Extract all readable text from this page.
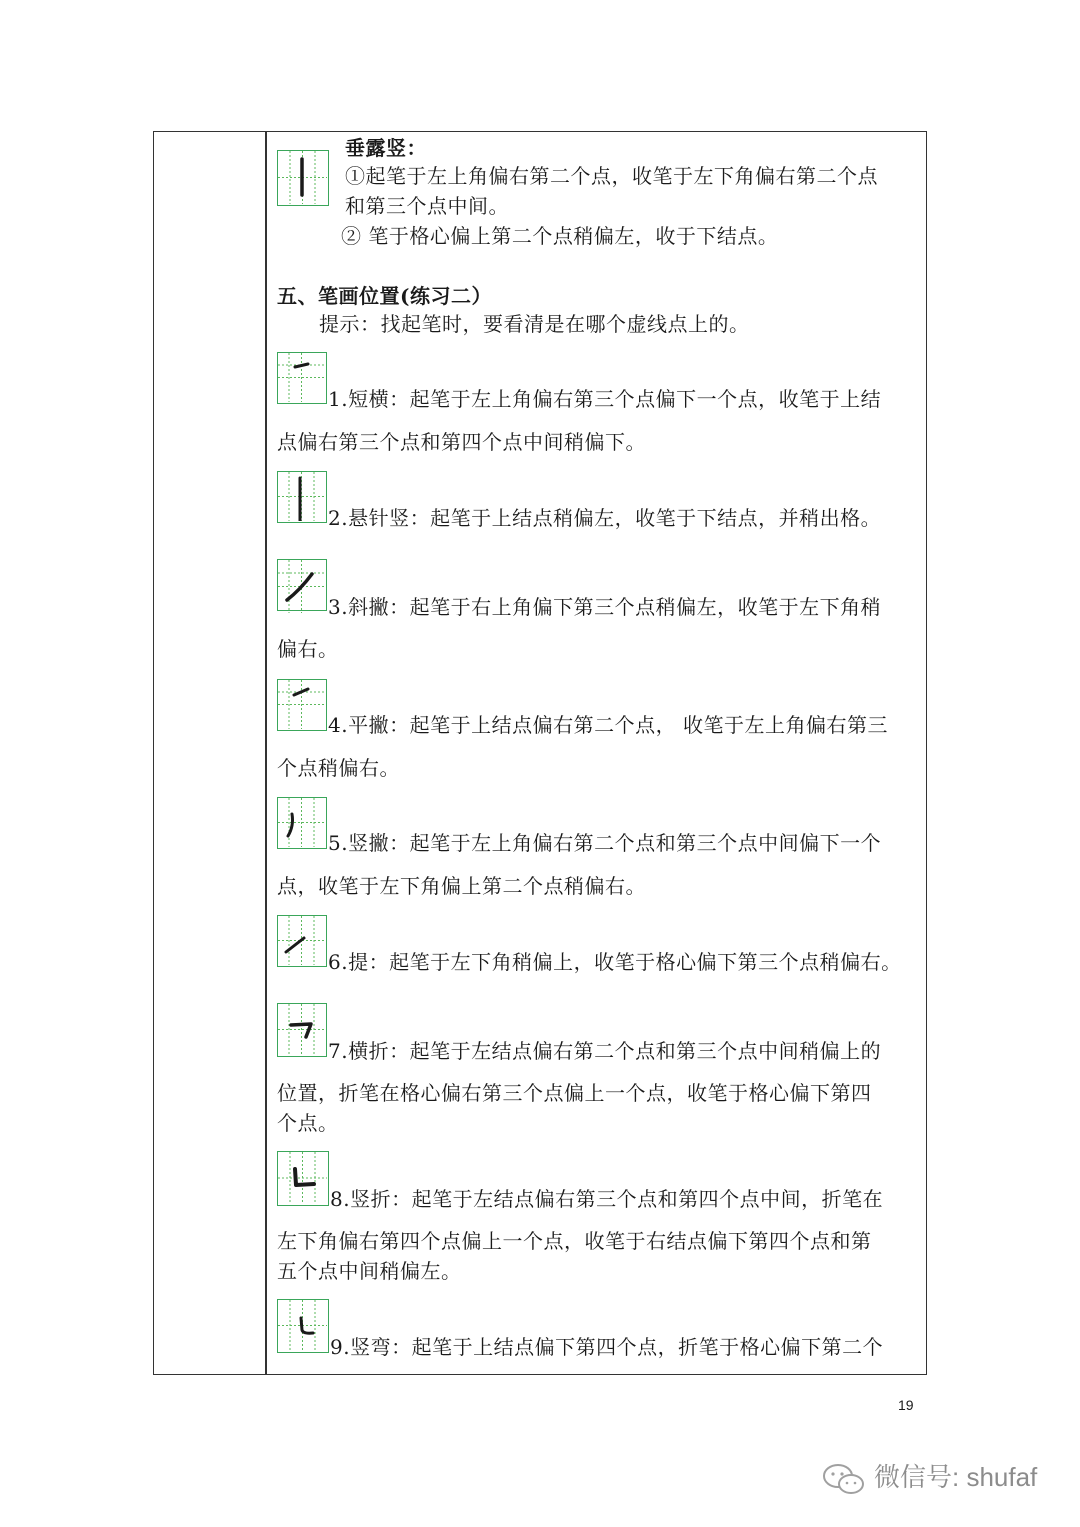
垂露竖：
①起笔于左上角偏右第二个点，收笔于左下角偏右第二个点
和第三个点中间。
② 笔于格心偏上第二个点稍偏左，收于下结点。
五、笔画位置(练习二）
提示：找起笔时，要看清是在哪个虚线点上的。
1.短横：起笔于左上角偏右第三个点偏下一个点，收笔于上结
点偏右第三个点和第四个点中间稍偏下。
2.悬针竖：起笔于上结点稍偏左，收笔于下结点，并稍出格。
3.斜撇：起笔于右上角偏下第三个点稍偏左，收笔于左下角稍
偏右。
4.平撇：起笔于上结点偏右第二个点， 收笔于左上角偏右第三
个点稍偏右。
5.竖撇：起笔于左上角偏右第二个点和第三个点中间偏下一个
点，收笔于左下角偏上第二个点稍偏右。
6.提：起笔于左下角稍偏上，收笔于格心偏下第三个点稍偏右。
7.横折：起笔于左结点偏右第二个点和第三个点中间稍偏上的
位置，折笔在格心偏右第三个点偏上一个点，收笔于格心偏下第四
个点。
8.竖折：起笔于左结点偏右第三个点和第四个点中间，折笔在
左下角偏右第四个点偏上一个点，收笔于右结点偏下第四个点和第
五个点中间稍偏左。
9.竖弯：起笔于上结点偏下第四个点，折笔于格心偏下第二个
19
微信号: shufaf
